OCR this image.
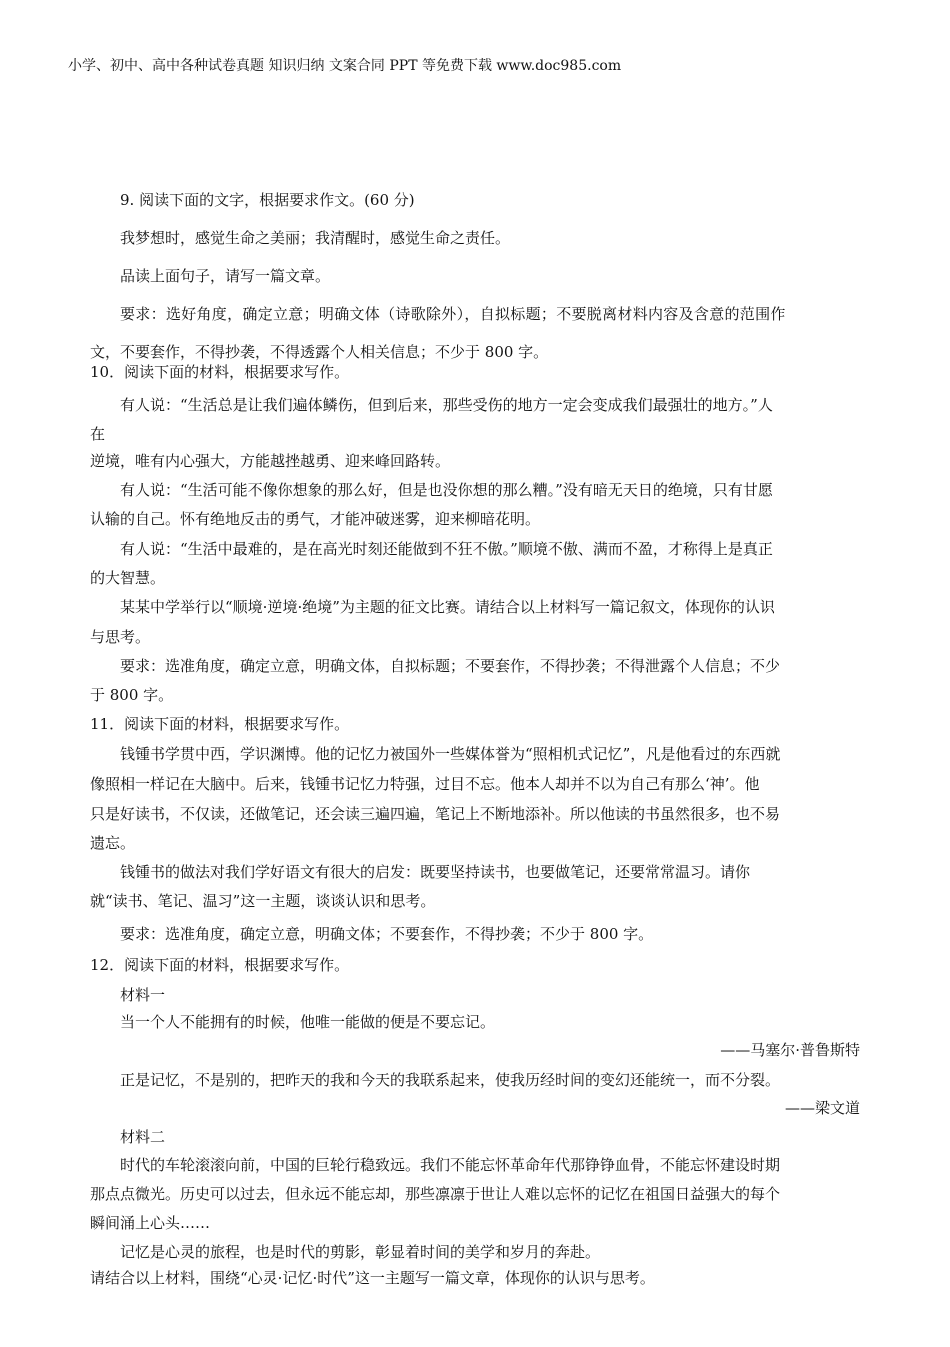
小学、初中、高中各种试卷真题 知识归纳 文案合同 PPT 等免费下载 www.doc985.com
9. 阅读下面的文字，根据要求作文。(60 分)
我梦想时，感觉生命之美丽；我清醒时，感觉生命之责任。
品读上面句子，请写一篇文章。
要求：选好角度，确定立意；明确文体（诗歌除外），自拟标题；不要脱离材料内容及含意的范围作
文，不要套作，不得抄袭，不得透露个人相关信息；不少于 800 字。
10．阅读下面的材料，根据要求写作。
有人说：“生活总是让我们遍体鳞伤，但到后来，那些受伤的地方一定会变成我们最强壮的地方。”人
在
逆境，唯有内心强大，方能越挫越勇、迎来峰回路转。
有人说：“生活可能不像你想象的那么好，但是也没你想的那么糟。”没有暗无天日的绝境，只有甘愿
认输的自己。怀有绝地反击的勇气，才能冲破迷雾，迎来柳暗花明。
有人说：“生活中最难的，是在高光时刻还能做到不狂不傲。”顺境不傲、满而不盈，才称得上是真正
的大智慧。
某某中学举行以“顺境·逆境·绝境”为主题的征文比赛。请结合以上材料写一篇记叙文，体现你的认识
与思考。
要求：选准角度，确定立意，明确文体，自拟标题；不要套作，不得抄袭；不得泄露个人信息；不少
于 800 字。
11．阅读下面的材料，根据要求写作。
钱锺书学贯中西，学识渊博。他的记忆力被国外一些媒体誉为“照相机式记忆”，凡是他看过的东西就
像照相一样记在大脑中。后来，钱锺书记忆力特强，过目不忘。他本人却并不以为自己有那么‘神’。他
只是好读书，不仅读，还做笔记，还会读三遍四遍，笔记上不断地添补。所以他读的书虽然很多，也不易
遗忘。
钱锺书的做法对我们学好语文有很大的启发：既要坚持读书，也要做笔记，还要常常温习。请你
就“读书、笔记、温习”这一主题，谈谈认识和思考。
要求：选准角度，确定立意，明确文体；不要套作，不得抄袭；不少于 800 字。
12．阅读下面的材料，根据要求写作。
材料一
当一个人不能拥有的时候，他唯一能做的便是不要忘记。
——马塞尔·普鲁斯特
正是记忆，不是别的，把昨天的我和今天的我联系起来，使我历经时间的变幻还能统一，而不分裂。
——梁文道
材料二
时代的车轮滚滚向前，中国的巨轮行稳致远。我们不能忘怀革命年代那铮铮血骨，不能忘怀建设时期
那点点微光。历史可以过去，但永远不能忘却，那些凛凛于世让人难以忘怀的记忆在祖国日益强大的每个
瞬间涌上心头……
记忆是心灵的旅程，也是时代的剪影，彰显着时间的美学和岁月的奔赴。
请结合以上材料，围绕“心灵·记忆·时代”这一主题写一篇文章，体现你的认识与思考。
